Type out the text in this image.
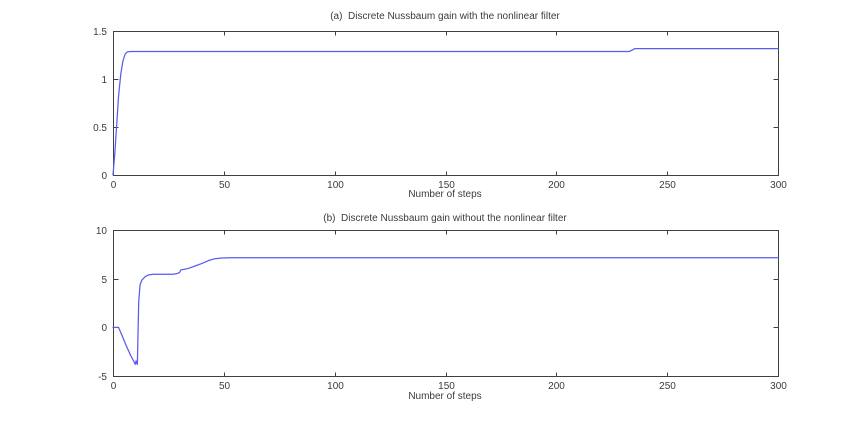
(a)  Discrete Nussbaum gain with the nonlinear filter
0	50	100	150	200	250	300
0
0.5
1
1.5
Number of steps
(b)  Discrete Nussbaum gain without the nonlinear filter
0	50	100	150	200	250	300
-5
0
5
10
Number of steps
